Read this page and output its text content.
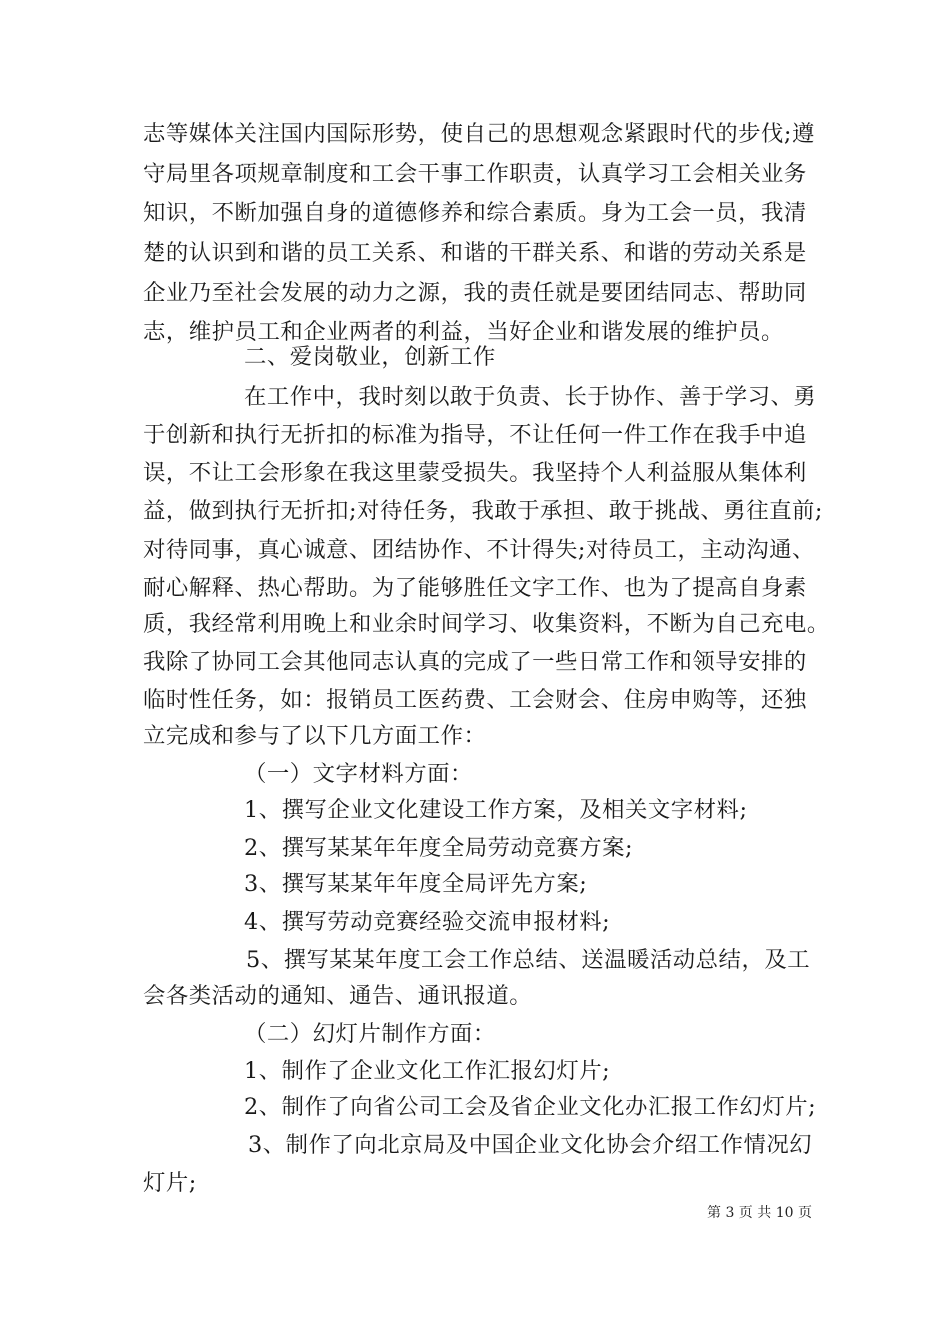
志等媒体关注国内国际形势，使自己的思想观念紧跟时代的步伐;遵
守局里各项规章制度和工会干事工作职责，认真学习工会相关业务
知识，不断加强自身的道德修养和综合素质。身为工会一员，我清
楚的认识到和谐的员工关系、和谐的干群关系、和谐的劳动关系是
企业乃至社会发展的动力之源，我的责任就是要团结同志、帮助同
志，维护员工和企业两者的利益，当好企业和谐发展的维护员。
二、爱岗敬业，创新工作
在工作中，我时刻以敢于负责、长于协作、善于学习、勇
于创新和执行无折扣的标准为指导，不让任何一件工作在我手中追
误，不让工会形象在我这里蒙受损失。我坚持个人利益服从集体利
益，做到执行无折扣;对待任务，我敢于承担、敢于挑战、勇往直前;
对待同事，真心诚意、团结协作、不计得失;对待员工，主动沟通、
耐心解释、热心帮助。为了能够胜任文字工作、也为了提高自身素
质，我经常利用晚上和业余时间学习、收集资料，不断为自己充电。
我除了协同工会其他同志认真的完成了一些日常工作和领导安排的
临时性任务，如：报销员工医药费、工会财会、住房申购等，还独
立完成和参与了以下几方面工作：
（一）文字材料方面：
1、撰写企业文化建设工作方案，及相关文字材料;
2、撰写某某年年度全局劳动竞赛方案;
3、撰写某某年年度全局评先方案;
4、撰写劳动竞赛经验交流申报材料;
5、撰写某某年度工会工作总结、送温暖活动总结，及工
会各类活动的通知、通告、通讯报道。
（二）幻灯片制作方面：
1、制作了企业文化工作汇报幻灯片;
2、制作了向省公司工会及省企业文化办汇报工作幻灯片;
3、制作了向北京局及中国企业文化协会介绍工作情况幻
灯片;
第 3 页 共 10 页
